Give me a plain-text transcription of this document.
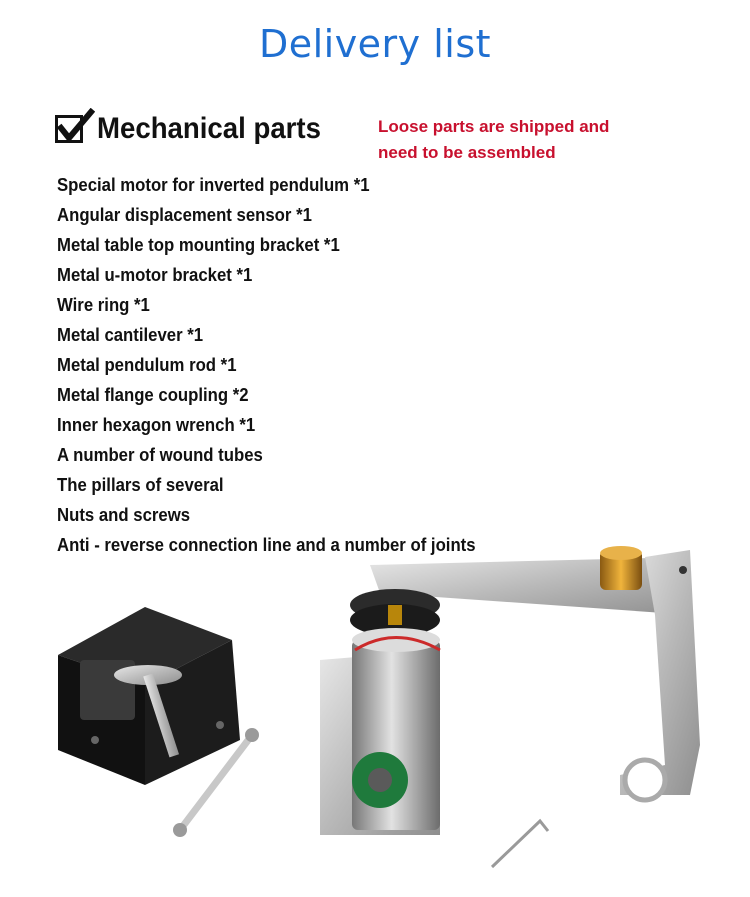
Delivery list
Mechanical parts	Loose parts are shipped and
need to be assembled
Special motor for inverted pendulum *1
Angular displacement sensor *1
Metal table top mounting bracket *1
Metal u-motor bracket *1
Wire ring *1
Metal cantilever *1
Metal pendulum rod *1
Metal flange coupling *2
Inner hexagon wrench *1
A number of wound tubes
The pillars of several
Nuts and screws
Anti - reverse connection line and a number of joints
